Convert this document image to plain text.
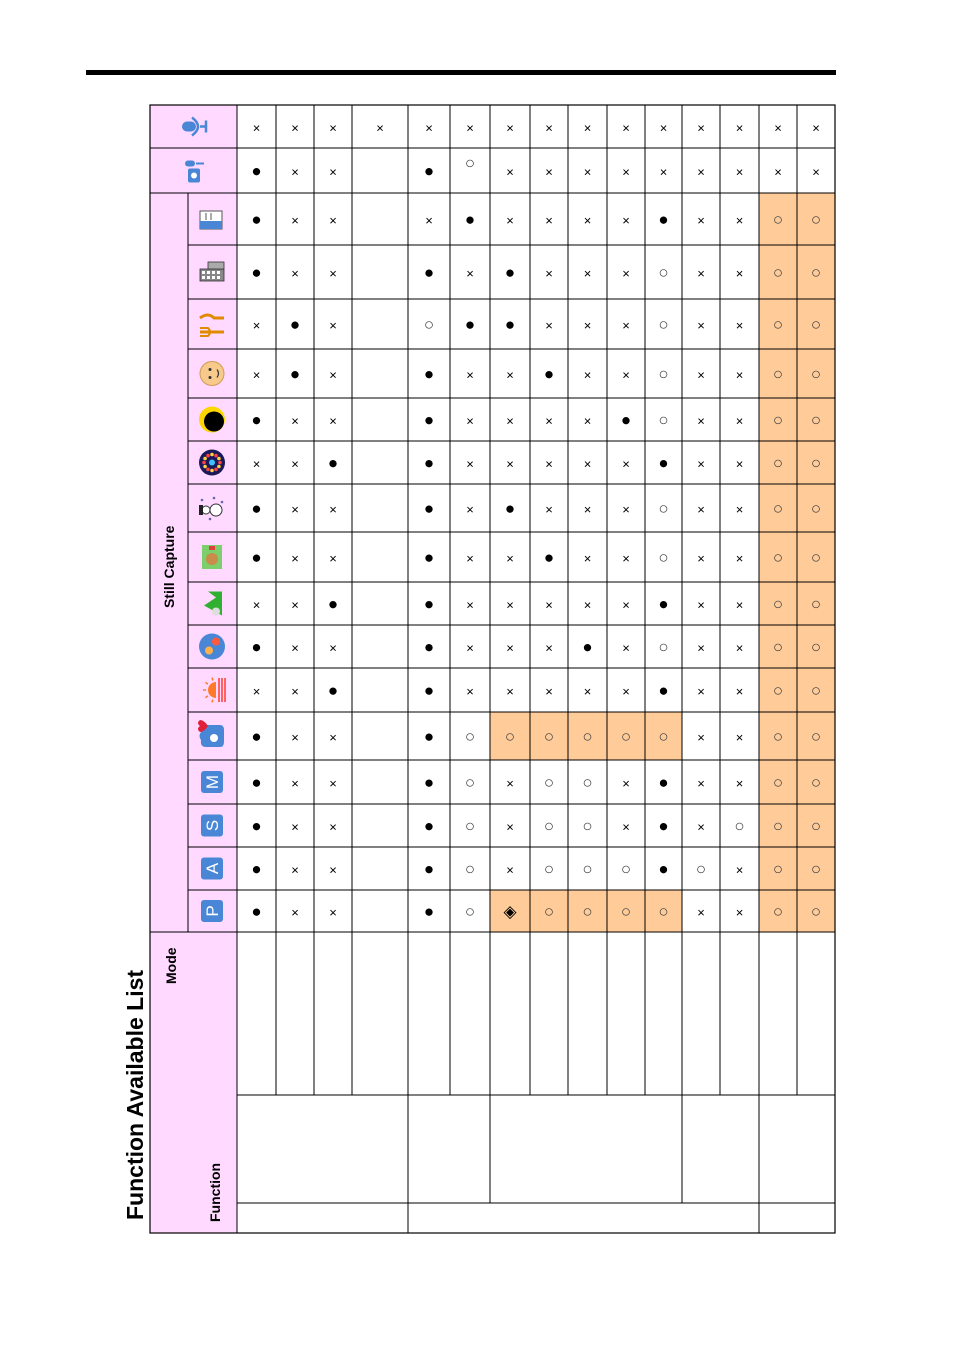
Function Available List
Mode
Function
Still Capture
× × ×	×	×	× × × × × × × × × ×
● × ×	● ○ × × × × × × × × ×
● × ×	× ● × × × × ● × × ○ ○
● × ×	● × ● × × × ○ × × ○ ○
× ● ×	○ ● ● × × × ○ × × ○ ○
× ● ×	● × × ● × × ○ × × ○ ○
● × ×	● × × × × ● ○ × × ○ ○
× × ●	● × × × × × ● × × ○ ○
● × ×	● × ● × × × ○ × × ○ ○
● × ×	● × × ● × × ○ × × ○ ○
× × ●	● × × × × × ● × × ○ ○
● × ×	● × × × ● × ○ × × ○ ○
× × ●	● × × × × × ● × × ○ ○
● × ×	● ○ ○ ○ ○ ○ ○ × × ○ ○
M ● × ×	● ○ × ○ ○ × ● × × ○ ○
S ● × ×	● ○ × ○ ○ × ● × ○ ○ ○
A ● × ×	● ○ × ○ ○ ○ ● ○ × ○ ○
P ● × ×	● ○ ◈ ○ ○ ○ ○ × × ○ ○
